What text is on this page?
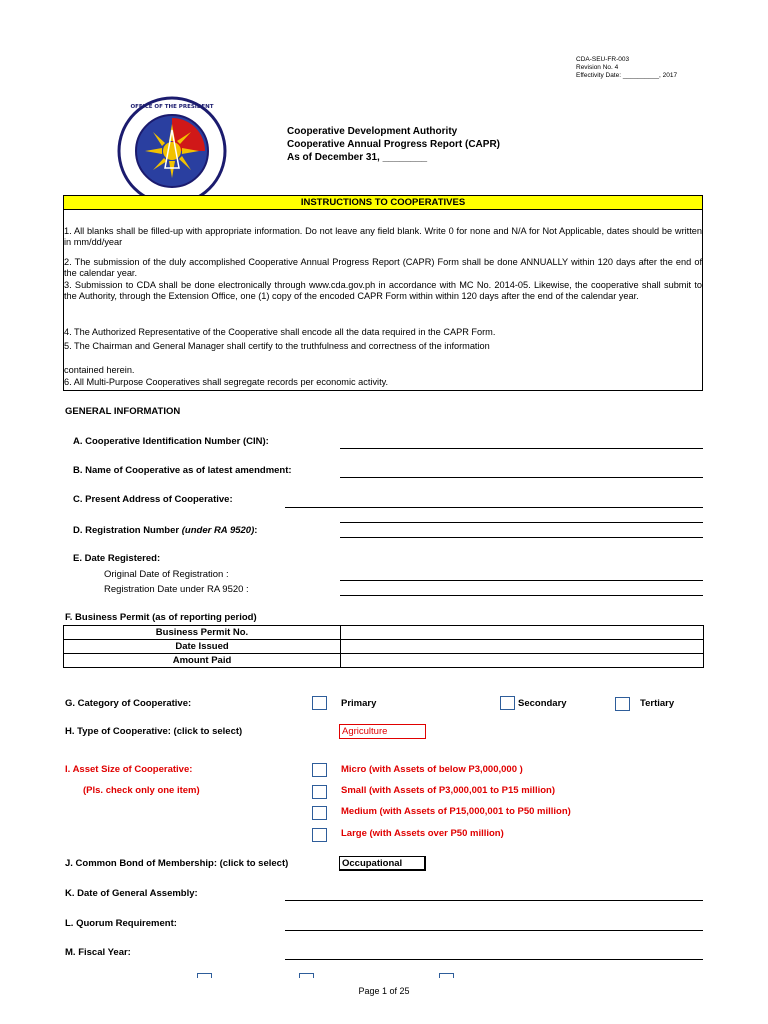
CDA-SEU-FR-003
Revision No. 4
Effectivity Date: __________, 2017
OFFICE OF THE PRESIDENT
Cooperative Development Authority
Cooperative Annual Progress Report (CAPR)
As of December 31, ________
INSTRUCTIONS TO COOPERATIVES
1. All blanks shall be filled-up with appropriate information. Do not leave any field blank. Write 0 for none and N/A for Not Applicable, dates should be written in mm/dd/year
2. The submission of the duly accomplished Cooperative Annual Progress Report (CAPR) Form shall be done ANNUALLY within 120 days after the end of the calendar year.
3. Submission to CDA shall be done electronically through www.cda.gov.ph in accordance with MC No. 2014-05. Likewise, the cooperative shall submit to the Authority, through the Extension Office, one (1) copy of the encoded CAPR Form within within 120 days after the end of the calendar year.
4. The Authorized Representative of the Cooperative shall encode all the data required in the CAPR Form.
5. The Chairman and General Manager shall certify to the truthfulness and correctness of the information
contained herein.
6. All Multi-Purpose Cooperatives shall segregate records per economic activity.
GENERAL INFORMATION
A. Cooperative Identification Number (CIN):
B. Name of Cooperative as of latest amendment:
C. Present Address of Cooperative:
D. Registration Number (under RA 9520):
E. Date Registered:
Original Date of Registration :
Registration Date under RA 9520 :
F. Business Permit (as of reporting period)
Business Permit No.	
Date Issued	
Amount Paid	
G. Category of Cooperative:	Primary	Secondary	Tertiary
H. Type of Cooperative: (click to select)	Agriculture
I. Asset Size of Cooperative:
(Pls. check only one item)
Micro (with Assets of below P3,000,000 )
Small (with Assets of P3,000,001 to P15 million)
Medium (with Assets of P15,000,001 to P50 million)
Large (with Assets over P50 million)
J. Common Bond of Membership: (click to select)	Occupational
K. Date of General Assembly:
L. Quorum Requirement:
M. Fiscal Year:
Page 1 of 25
